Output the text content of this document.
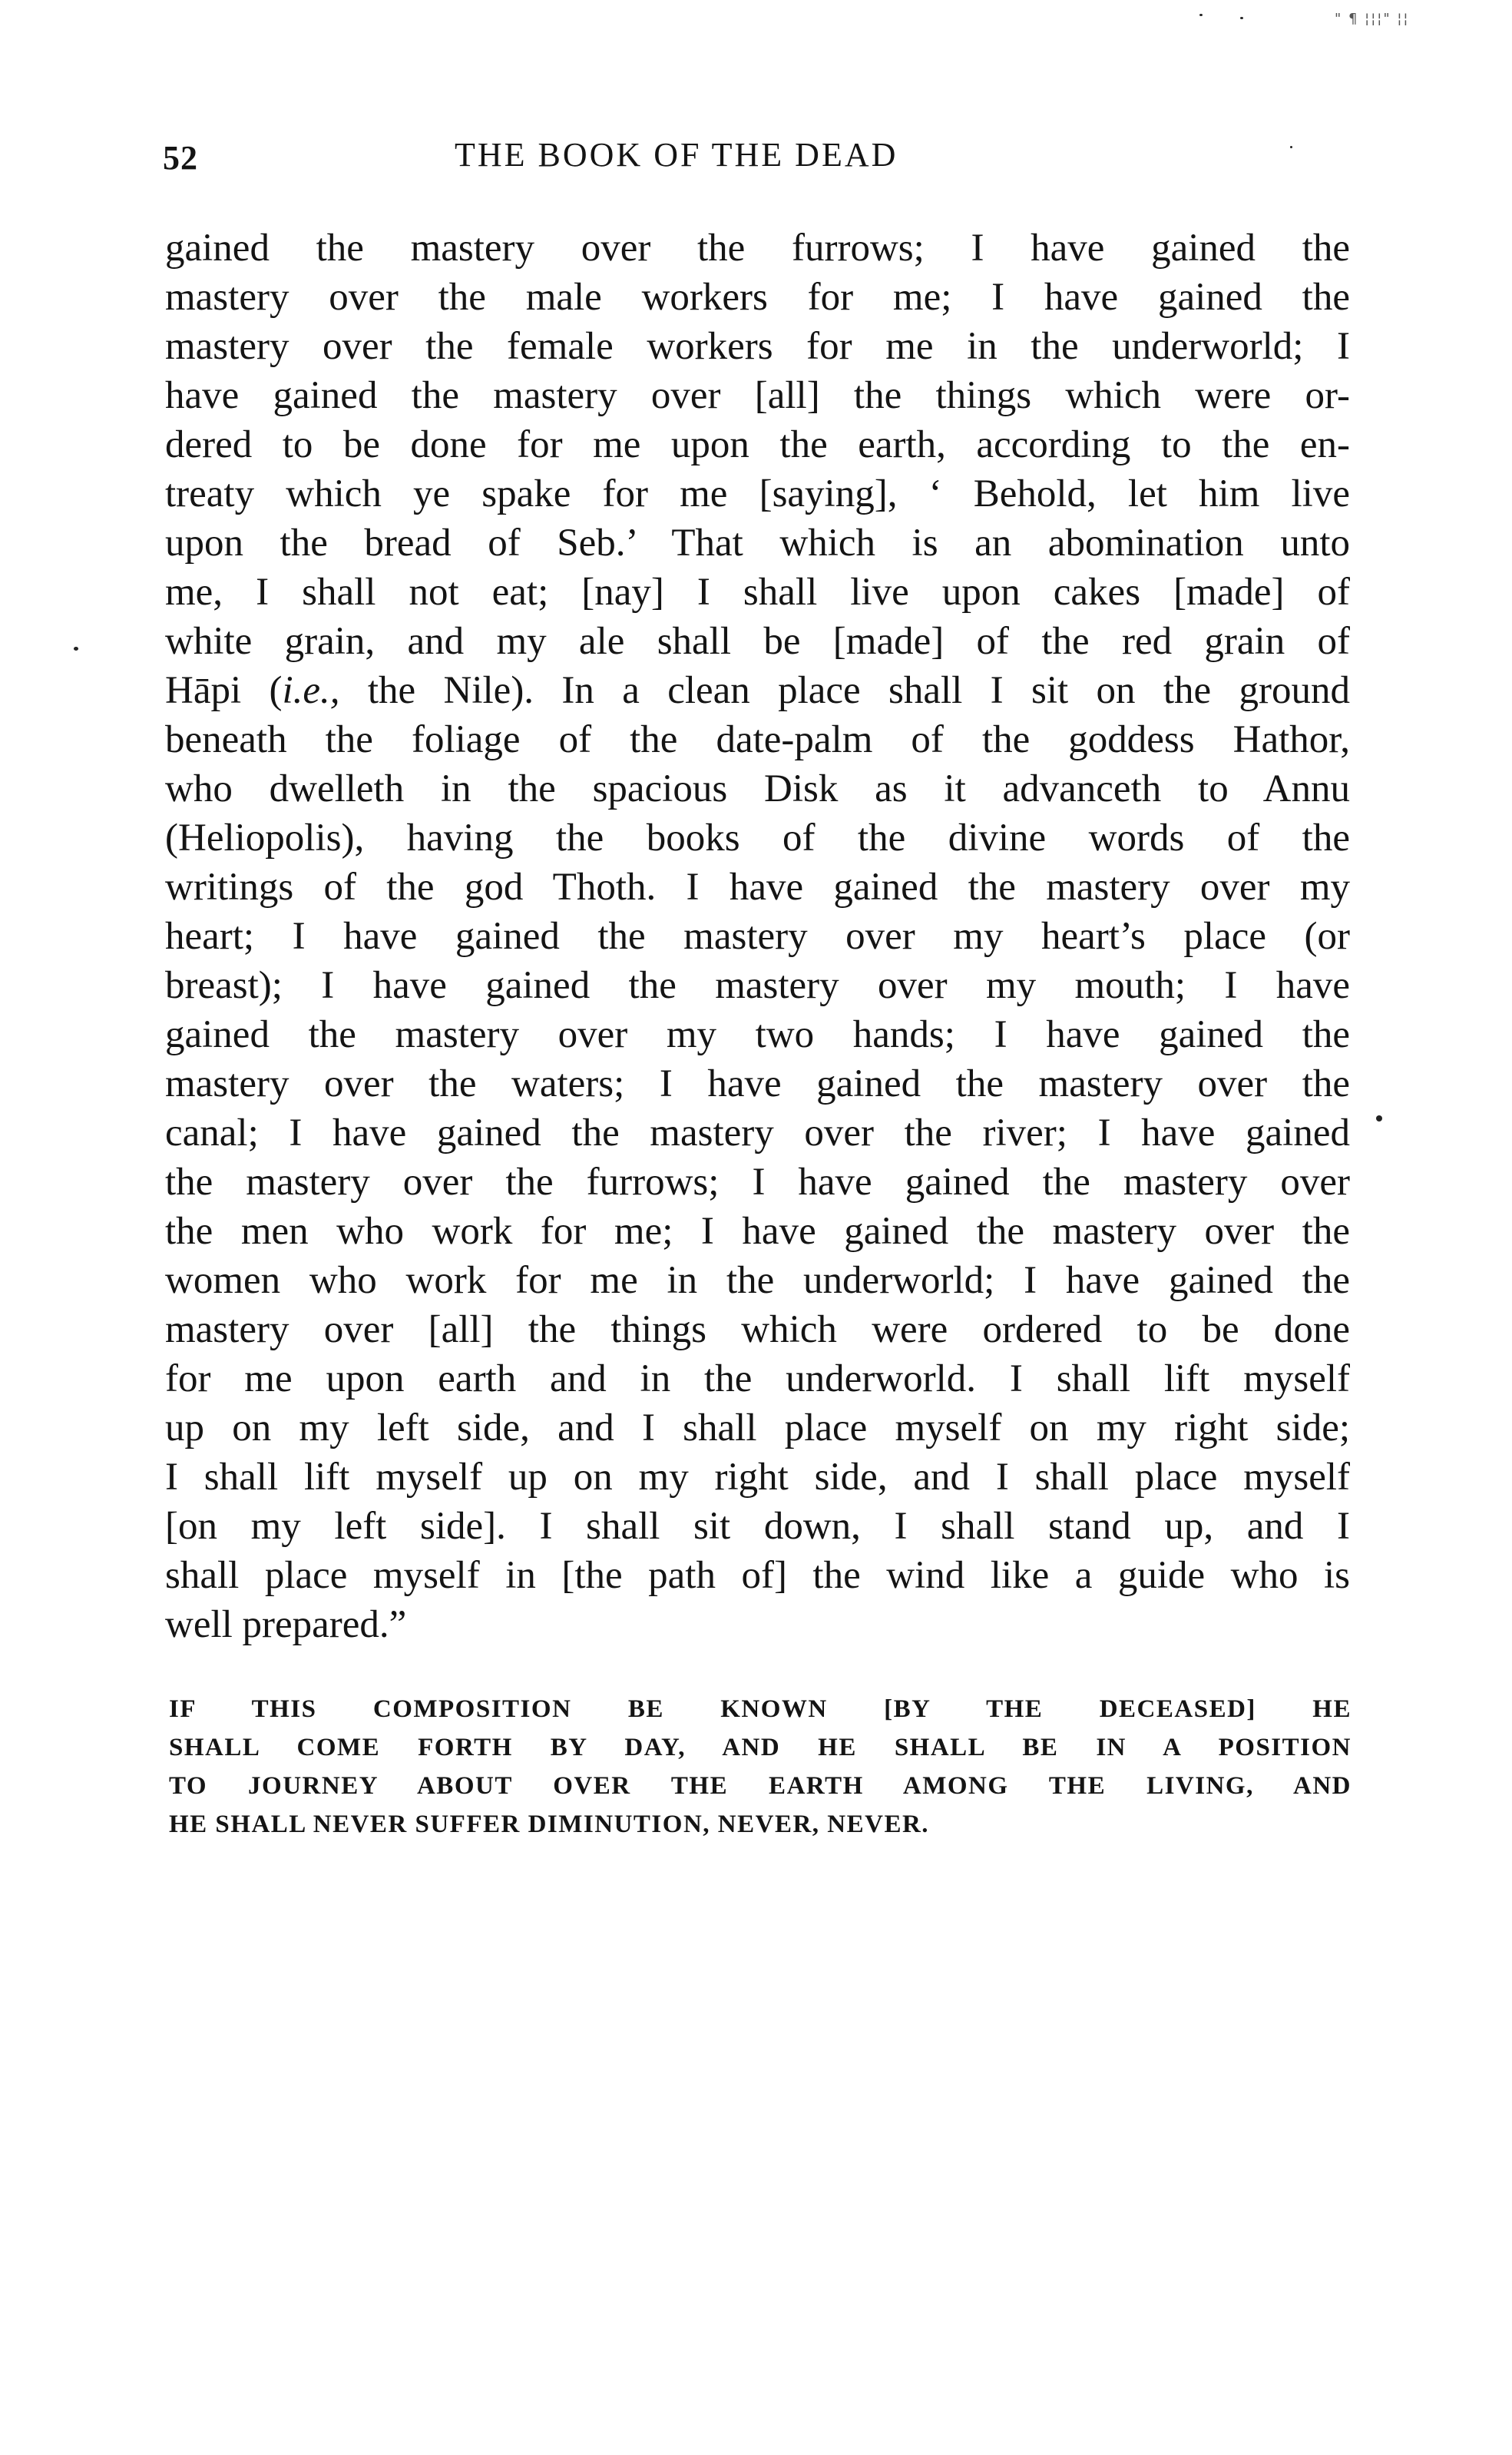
" ¶ ¦¦¦" ¦¦
52	THE BOOK OF THE DEAD
gained the mastery over the furrows; I have gained the
mastery over the male workers for me; I have gained the
mastery over the female workers for me in the underworld; I
have gained the mastery over [all] the things which were or-
dered to be done for me upon the earth, according to the en-
treaty which ye spake for me [saying], ‘ Behold, let him live
upon the bread of Seb.’ That which is an abomination unto
me, I shall not eat; [nay] I shall live upon cakes [made] of
white grain, and my ale shall be [made] of the red grain of
Hāpi (i.e., the Nile). In a clean place shall I sit on the ground
beneath the foliage of the date-palm of the goddess Hathor,
who dwelleth in the spacious Disk as it advanceth to Annu
(Heliopolis), having the books of the divine words of the
writings of the god Thoth. I have gained the mastery over my
heart; I have gained the mastery over my heart’s place (or
breast); I have gained the mastery over my mouth; I have
gained the mastery over my two hands; I have gained the
mastery over the waters; I have gained the mastery over the
canal; I have gained the mastery over the river; I have gained
the mastery over the furrows; I have gained the mastery over
the men who work for me; I have gained the mastery over the
women who work for me in the underworld; I have gained the
mastery over [all] the things which were ordered to be done
for me upon earth and in the underworld. I shall lift myself
up on my left side, and I shall place myself on my right side;
I shall lift myself up on my right side, and I shall place myself
[on my left side]. I shall sit down, I shall stand up, and I
shall place myself in [the path of] the wind like a guide who is
well prepared.”
IF THIS COMPOSITION BE KNOWN [BY THE DECEASED] HE
SHALL COME FORTH BY DAY, AND HE SHALL BE IN A POSITION
TO JOURNEY ABOUT OVER THE EARTH AMONG THE LIVING, AND
HE SHALL NEVER SUFFER DIMINUTION, NEVER, NEVER.
